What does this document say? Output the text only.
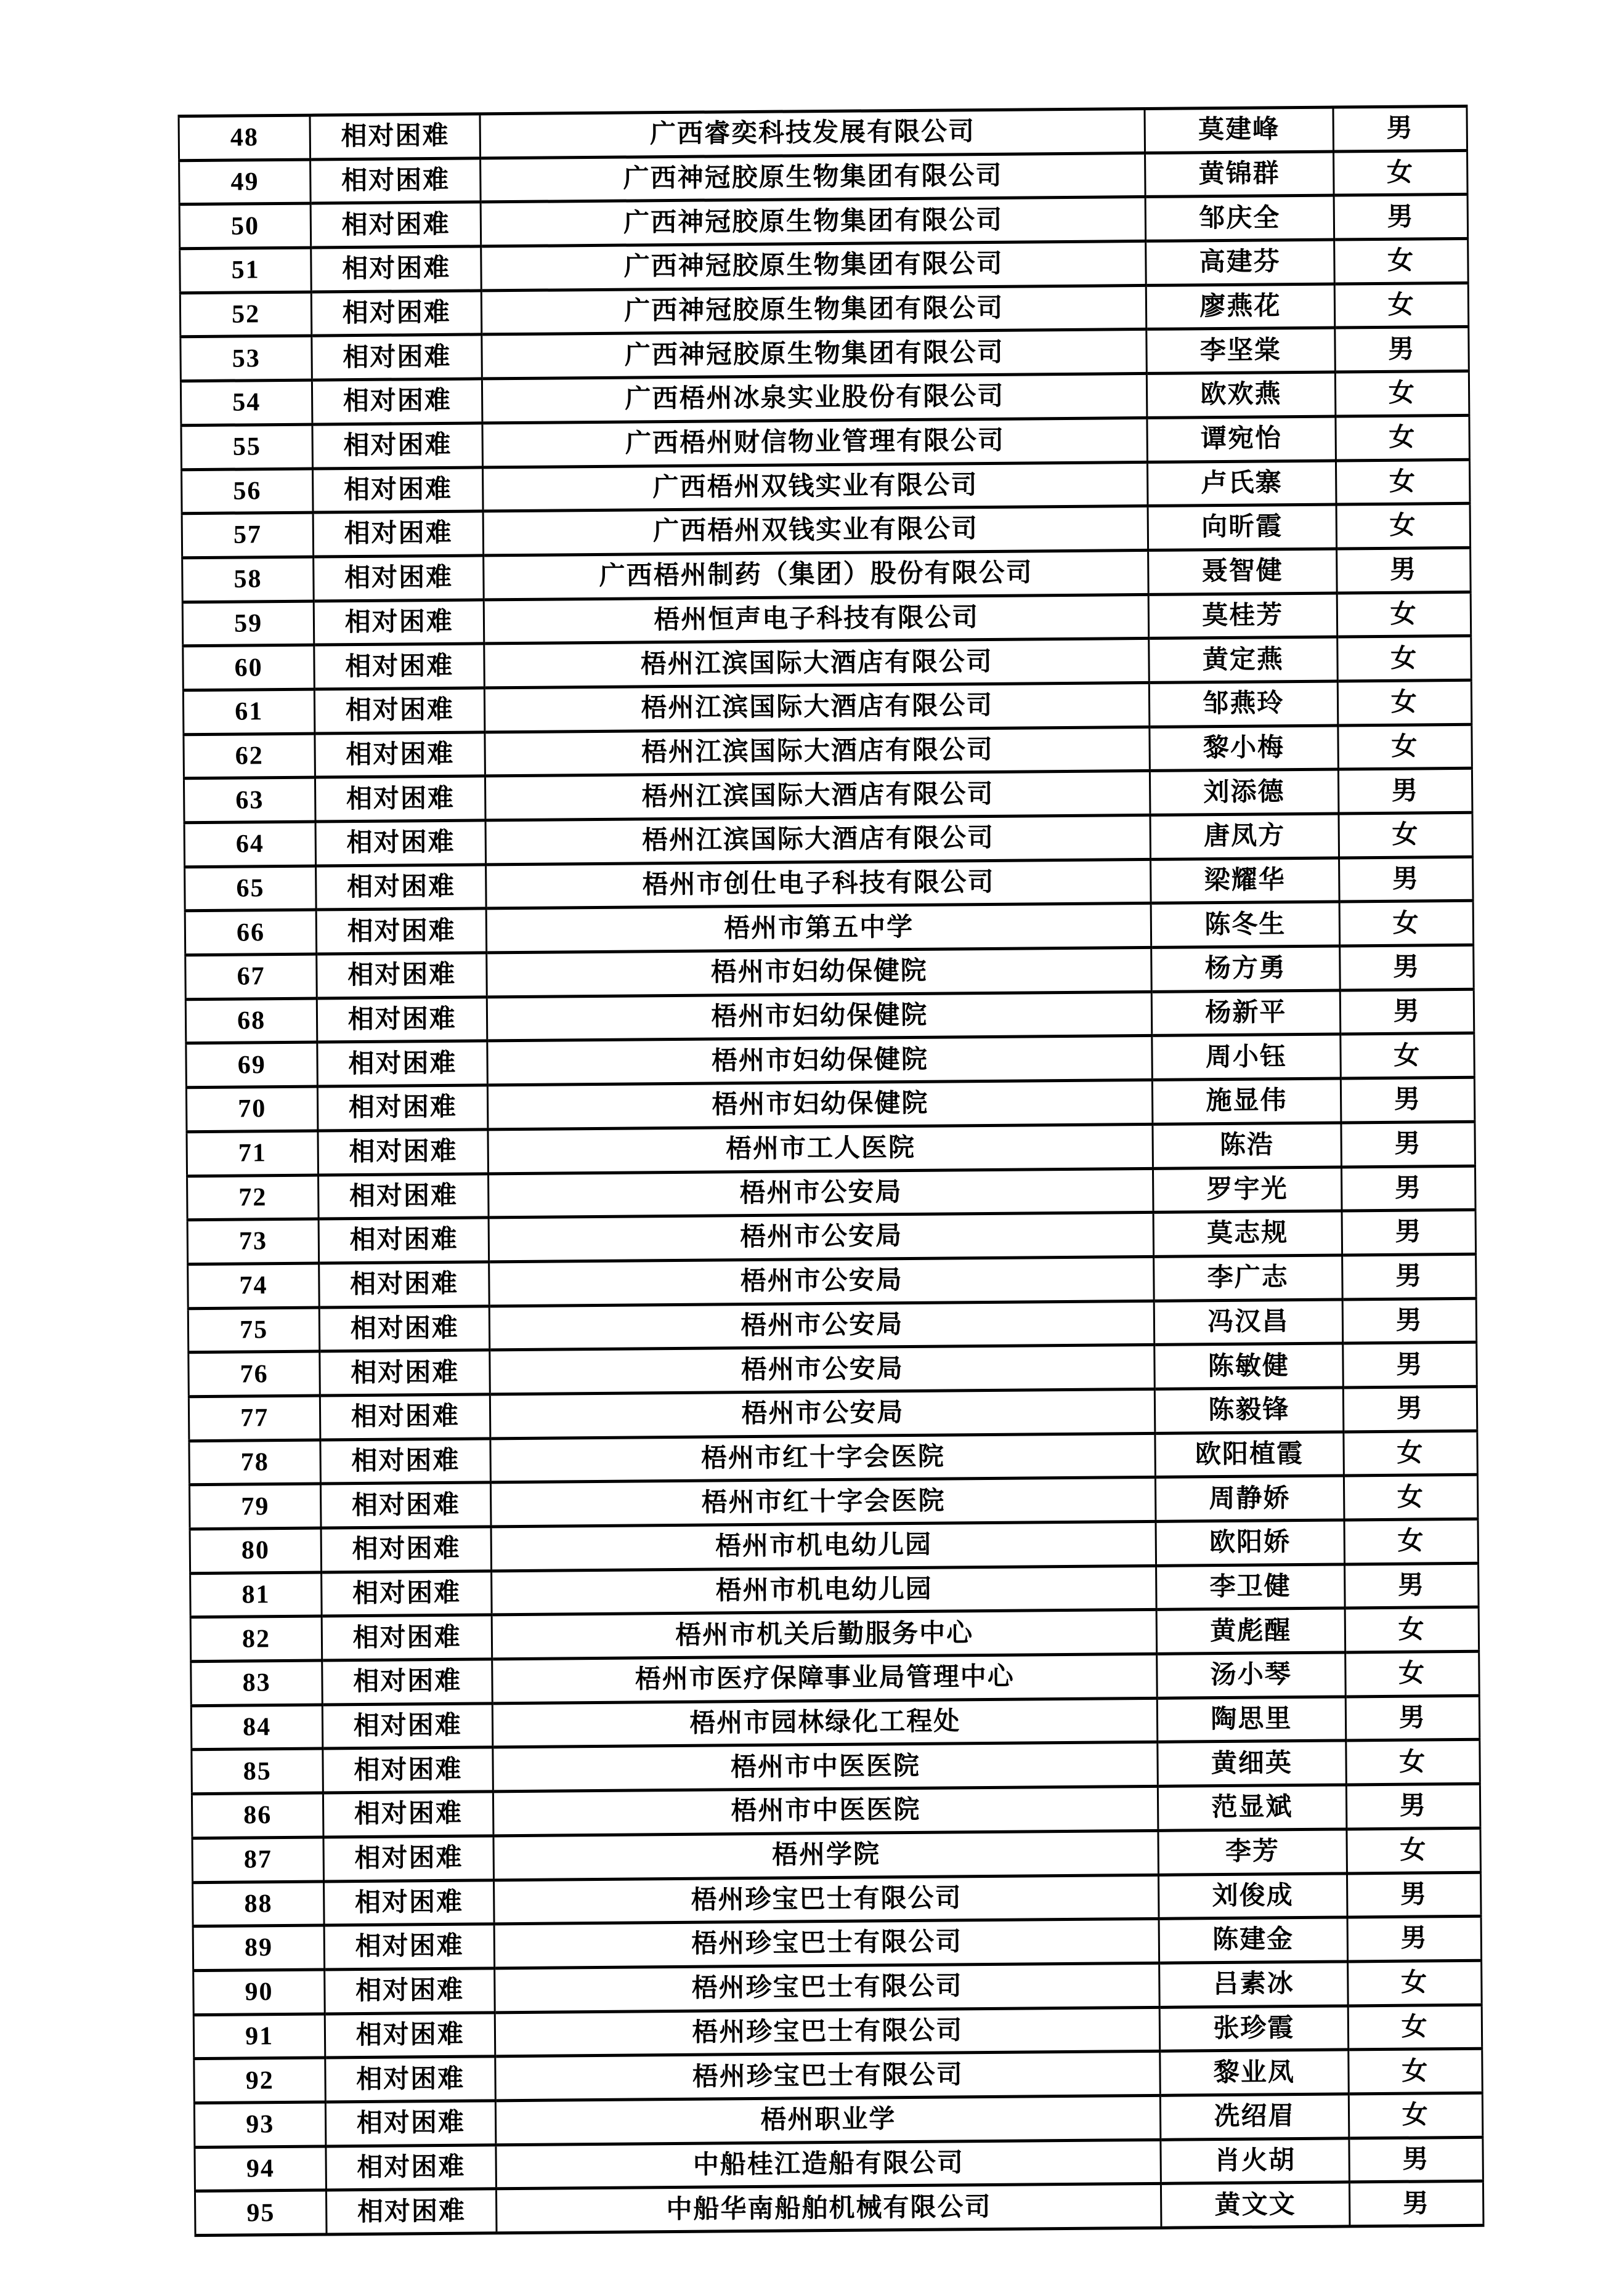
48	相对困难	广西睿奕科技发展有限公司	莫建峰	男
49	相对困难	广西神冠胶原生物集团有限公司	黄锦群	女
50	相对困难	广西神冠胶原生物集团有限公司	邹庆全	男
51	相对困难	广西神冠胶原生物集团有限公司	高建芬	女
52	相对困难	广西神冠胶原生物集团有限公司	廖燕花	女
53	相对困难	广西神冠胶原生物集团有限公司	李坚棠	男
54	相对困难	广西梧州冰泉实业股份有限公司	欧欢燕	女
55	相对困难	广西梧州财信物业管理有限公司	谭宛怡	女
56	相对困难	广西梧州双钱实业有限公司	卢氏寨	女
57	相对困难	广西梧州双钱实业有限公司	向昕霞	女
58	相对困难	广西梧州制药（集团）股份有限公司	聂智健	男
59	相对困难	梧州恒声电子科技有限公司	莫桂芳	女
60	相对困难	梧州江滨国际大酒店有限公司	黄定燕	女
61	相对困难	梧州江滨国际大酒店有限公司	邹燕玲	女
62	相对困难	梧州江滨国际大酒店有限公司	黎小梅	女
63	相对困难	梧州江滨国际大酒店有限公司	刘添德	男
64	相对困难	梧州江滨国际大酒店有限公司	唐凤方	女
65	相对困难	梧州市创仕电子科技有限公司	梁耀华	男
66	相对困难	梧州市第五中学	陈冬生	女
67	相对困难	梧州市妇幼保健院	杨方勇	男
68	相对困难	梧州市妇幼保健院	杨新平	男
69	相对困难	梧州市妇幼保健院	周小钰	女
70	相对困难	梧州市妇幼保健院	施显伟	男
71	相对困难	梧州市工人医院	陈浩	男
72	相对困难	梧州市公安局	罗宇光	男
73	相对困难	梧州市公安局	莫志规	男
74	相对困难	梧州市公安局	李广志	男
75	相对困难	梧州市公安局	冯汉昌	男
76	相对困难	梧州市公安局	陈敏健	男
77	相对困难	梧州市公安局	陈毅锋	男
78	相对困难	梧州市红十字会医院	欧阳植霞	女
79	相对困难	梧州市红十字会医院	周静娇	女
80	相对困难	梧州市机电幼儿园	欧阳娇	女
81	相对困难	梧州市机电幼儿园	李卫健	男
82	相对困难	梧州市机关后勤服务中心	黄彪醒	女
83	相对困难	梧州市医疗保障事业局管理中心	汤小琴	女
84	相对困难	梧州市园林绿化工程处	陶思里	男
85	相对困难	梧州市中医医院	黄细英	女
86	相对困难	梧州市中医医院	范显斌	男
87	相对困难	梧州学院	李芳	女
88	相对困难	梧州珍宝巴士有限公司	刘俊成	男
89	相对困难	梧州珍宝巴士有限公司	陈建金	男
90	相对困难	梧州珍宝巴士有限公司	吕素冰	女
91	相对困难	梧州珍宝巴士有限公司	张珍霞	女
92	相对困难	梧州珍宝巴士有限公司	黎业凤	女
93	相对困难	梧州职业学	冼绍眉	女
94	相对困难	中船桂江造船有限公司	肖火胡	男
95	相对困难	中船华南船舶机械有限公司	黄文文	男
